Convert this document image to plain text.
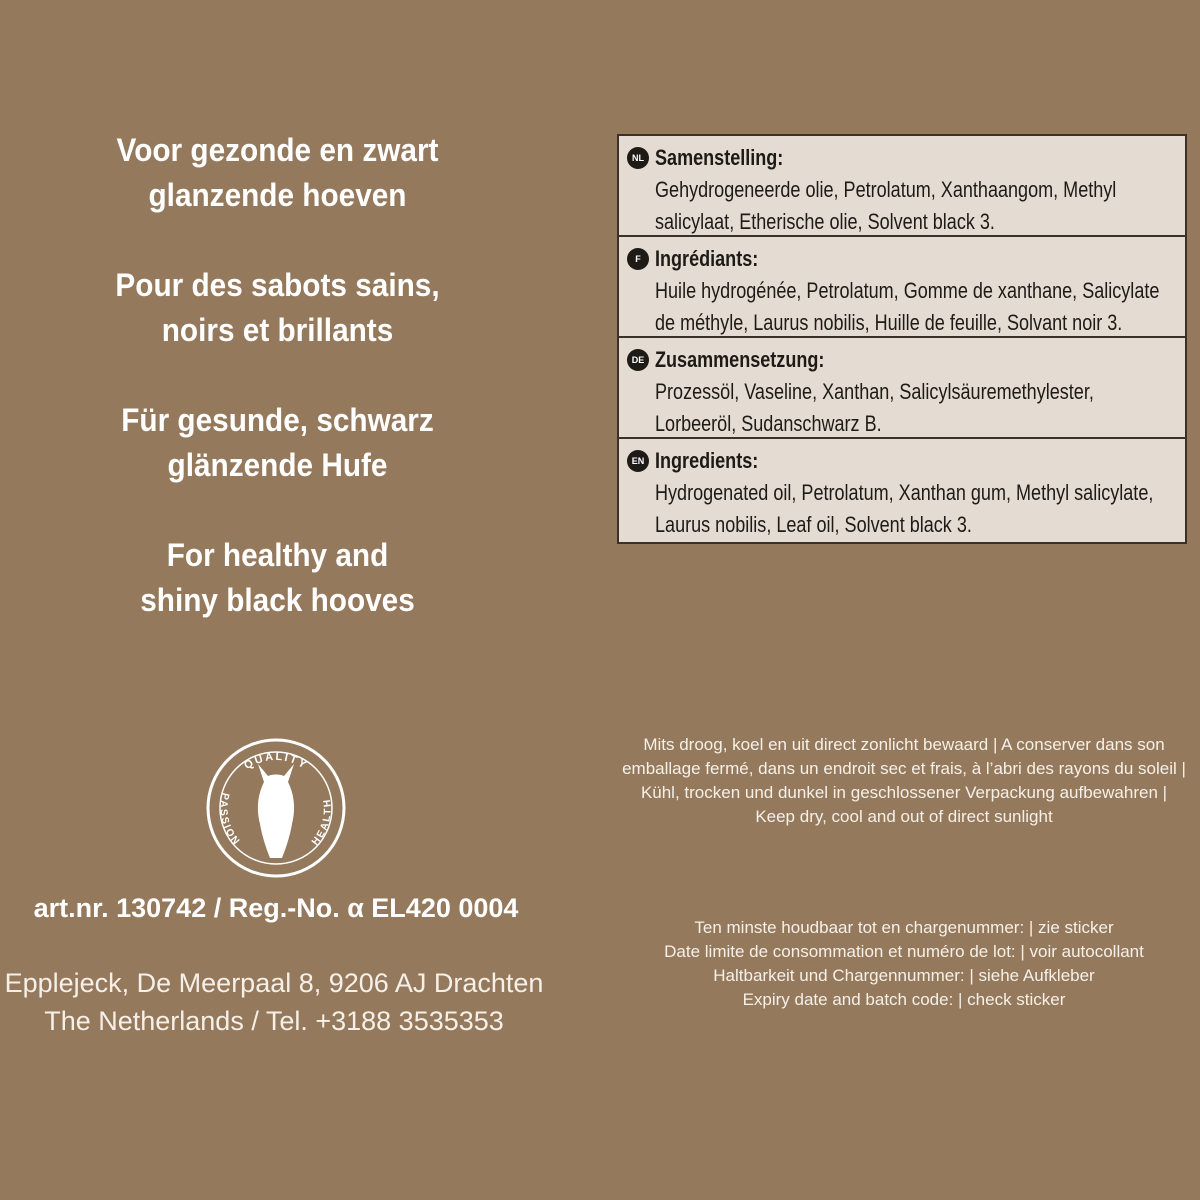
Voor gezonde en zwart
glanzende hoeven
Pour des sabots sains,
noirs et brillants
Für gesunde, schwarz
glänzende Hufe
For healthy and
shiny black hooves
QUALITY
PASSION	HEALTH
art.nr. 130742 / Reg.-No. α EL420 0004
Epplejeck, De Meerpaal 8, 9206 AJ Drachten
The Netherlands / Tel. +3188 3535353
NL Samenstelling:
Gehydrogeneerde olie, Petrolatum, Xanthaangom, Methyl salicylaat, Etherische olie, Solvent black 3.
F Ingrédiants:
Huile hydrogénée, Petrolatum, Gomme de xanthane, Salicylate de méthyle, Laurus nobilis, Huille de feuille, Solvant noir 3.
DE Zusammensetzung:
Prozessöl, Vaseline, Xanthan, Salicylsäuremethylester, Lorbeeröl, Sudanschwarz B.
EN Ingredients:
Hydrogenated oil, Petrolatum, Xanthan gum, Methyl salicylate, Laurus nobilis, Leaf oil, Solvent black 3.
Mits droog, koel en uit direct zonlicht bewaard | A conserver dans son
emballage fermé, dans un endroit sec et frais, à l’abri des rayons du soleil |
Kühl, trocken und dunkel in geschlossener Verpackung aufbewahren |
Keep dry, cool and out of direct sunlight
Ten minste houdbaar tot en chargenummer: | zie sticker
Date limite de consommation et numéro de lot: | voir autocollant
Haltbarkeit und Chargennummer: | siehe Aufkleber
Expiry date and batch code: | check sticker
